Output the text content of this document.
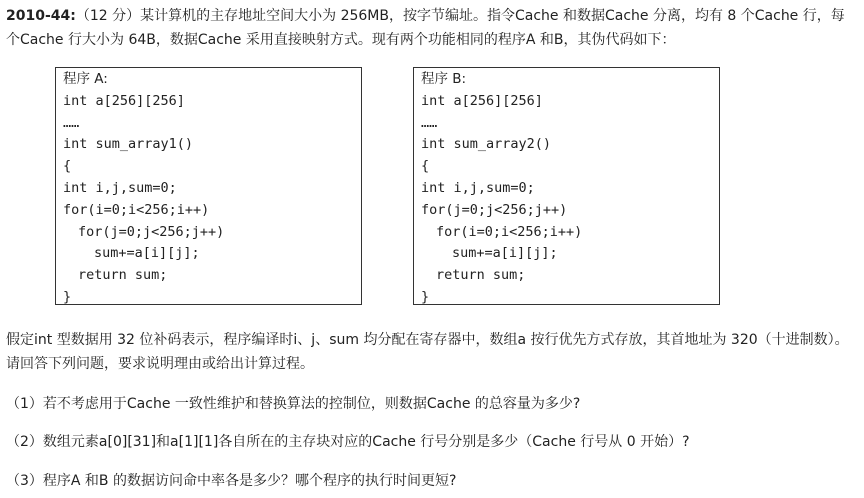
2010-44:（12 分）某计算机的主存地址空间大小为 256MB，按字节编址。指令Cache 和数据Cache 分离，均有 8 个Cache 行，每个Cache 行大小为 64B，数据Cache 采用直接映射方式。现有两个功能相同的程序A 和B，其伪代码如下：
程序 A:
int a[256][256]
……
int sum_array1()
{
int i,j,sum=0;
for(i=0;i<256;i++)
for(j=0;j<256;j++)
sum+=a[i][j];
return sum;
}
程序 B:
int a[256][256]
……
int sum_array2()
{
int i,j,sum=0;
for(j=0;j<256;j++)
for(i=0;i<256;i++)
sum+=a[i][j];
return sum;
}
假定int 型数据用 32 位补码表示，程序编译时i、j、sum 均分配在寄存器中，数组a 按行优先方式存放，其首地址为 320（十进制数）。请回答下列问题，要求说明理由或给出计算过程。
（1）若不考虑用于Cache 一致性维护和替换算法的控制位，则数据Cache 的总容量为多少?
（2）数组元素a[0][31]和a[1][1]各自所在的主存块对应的Cache 行号分别是多少（Cache 行号从 0 开始）?
（3）程序A 和B 的数据访问命中率各是多少？哪个程序的执行时间更短?
